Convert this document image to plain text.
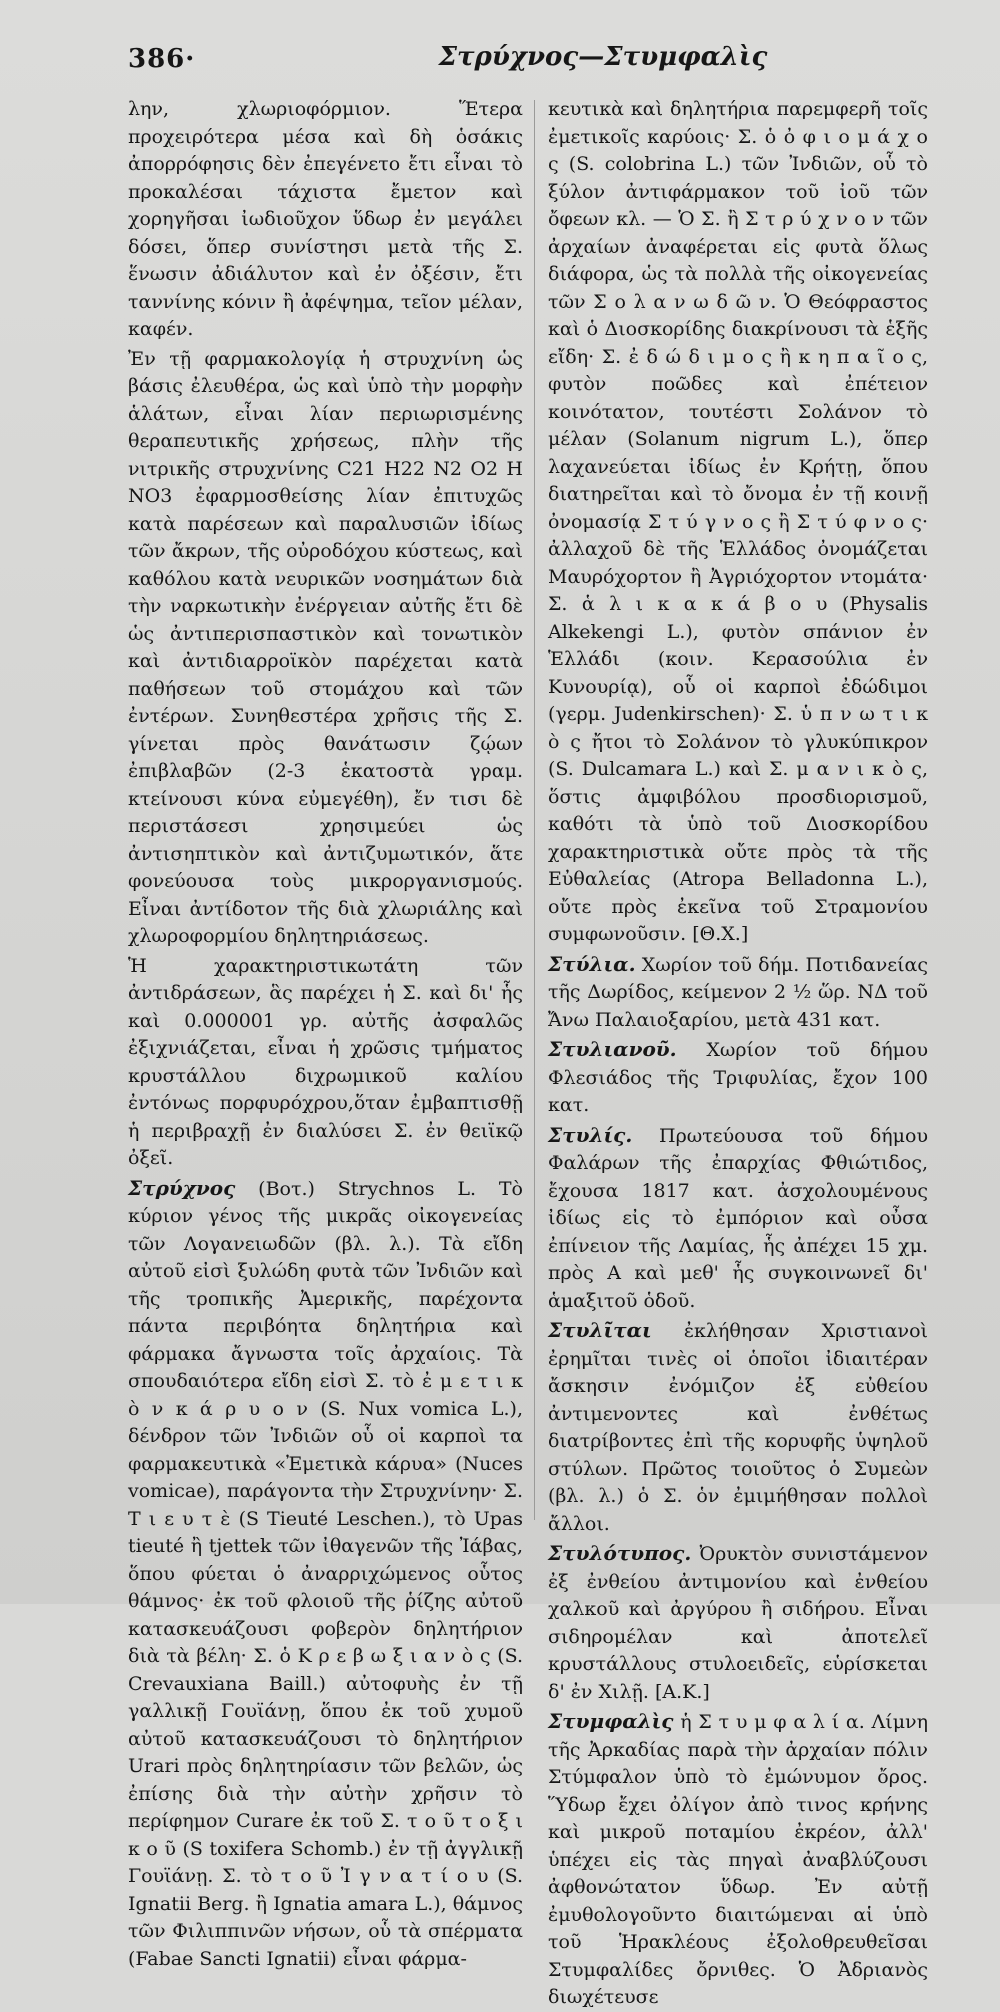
386·	Στρύχνος—Στυμφαλὶς

λην, χλωριοφόρμιον. Ἕτερα προχειρότερα μέσα καὶ δὴ ὁσάκις ἀπορρόφησις δὲν ἐπεγένετο ἔτι εἶναι τὸ προκαλέσαι τάχιστα ἔμετον καὶ χορηγῆσαι ἰωδιοῦχον ὕδωρ ἐν μεγάλει δόσει, ὅπερ συνίστησι μετὰ τῆς Σ. ἕνωσιν ἀδιάλυτον καὶ ἐν ὀξέσιν, ἔτι ταννίνης κόνιν ἢ ἀφέψημα, τεῖον μέλαν, καφέν.

Ἐν τῇ φαρμακολογίᾳ ἡ στρυχνίνη ὡς βάσις ἐλευθέρα, ὡς καὶ ὑπὸ τὴν μορφὴν ἁλάτων, εἶναι λίαν περιωρισμένης θεραπευτικῆς χρήσεως, πλὴν τῆς νιτρικῆς στρυχνίνης C21 H22 N2 O2 H NO3 ἐφαρμοσθείσης λίαν ἐπιτυχῶς κατὰ παρέσεων καὶ παραλυσιῶν ἰδίως τῶν ἄκρων, τῆς οὐροδόχου κύστεως, καὶ καθόλου κατὰ νευρικῶν νοσημάτων διὰ τὴν ναρκωτικὴν ἐνέργειαν αὐτῆς ἔτι δὲ ὡς ἀντιπερισπαστικὸν καὶ τονωτικὸν καὶ ἀντιδιαρροϊκὸν παρέχεται κατὰ παθήσεων τοῦ στομάχου καὶ τῶν ἐντέρων. Συνηθεστέρα χρῆσις τῆς Σ. γίνεται πρὸς θανάτωσιν ζῴων ἐπιβλαβῶν (2-3 ἑκατοστὰ γραμ. κτείνουσι κύνα εὐμεγέθη), ἔν τισι δὲ περιστάσεσι χρησιμεύει ὡς ἀντισηπτικὸν καὶ ἀντιζυμωτικόν, ἅτε φονεύουσα τοὺς μικροργανισμούς. Εἶναι ἀντίδοτον τῆς διὰ χλωριάλης καὶ χλωροφορμίου δηλητηριάσεως.

Ἡ χαρακτηριστικωτάτη τῶν ἀντιδράσεων, ἃς παρέχει ἡ Σ. καὶ δι' ἧς καὶ 0.000001 γρ. αὐτῆς ἀσφαλῶς ἐξιχνιάζεται, εἶναι ἡ χρῶσις τμήματος κρυστάλλου διχρωμικοῦ καλίου ἐντόνως πορφυρόχρου,ὅταν ἐμβαπτισθῇ ἡ περιβραχῇ ἐν διαλύσει Σ. ἐν θειϊκῷ ὀξεῖ.

Στρύχνος (Βοτ.) Strychnos L. Τὸ κύριον γένος τῆς μικρᾶς οἰκογενείας τῶν Λογανειωδῶν (βλ. λ.). Τὰ εἴδη αὐτοῦ εἰσὶ ξυλώδη φυτὰ τῶν Ἰνδιῶν καὶ τῆς τροπικῆς Ἀμερικῆς, παρέχοντα πάντα περιβόητα δηλητήρια καὶ φάρμακα ἄγνωστα τοῖς ἀρχαίοις. Τὰ σπουδαιότερα εἴδη εἰσὶ Σ. τὸ ἐ μ ε τ ι κ ὸ ν κ ά ρ υ ο ν (S. Nux vomica L.), δένδρον τῶν Ἰνδιῶν οὗ οἱ καρποὶ τα φαρμακευτικὰ «Ἐμετικὰ κάρυα» (Nuces vomicae), παράγοντα τὴν Στρυχνίνην· Σ. Τ ι ε υ τ ὲ (S Tieuté Leschen.), τὸ Upas tieuté ἢ tjettek τῶν ἰθαγενῶν τῆς Ἰάβας, ὅπου φύεται ὁ ἀναρριχώμενος οὗτος θάμνος· ἐκ τοῦ φλοιοῦ τῆς ῥίζης αὐτοῦ κατασκευάζουσι φοβερὸν δηλητήριον διὰ τὰ βέλη· Σ. ὁ Κ ρ ε β ω ξ ι α ν ὸ ς (S. Crevauxiana Baill.) αὐτοφυὴς ἐν τῇ γαλλικῇ Γουϊάνῃ, ὅπου ἐκ τοῦ χυμοῦ αὐτοῦ κατασκευάζουσι τὸ δηλητήριον Urari πρὸς δηλητηρίασιν τῶν βελῶν, ὡς ἐπίσης διὰ τὴν αὐτὴν χρῆσιν τὸ περίφημον Curare ἐκ τοῦ Σ. τ ο ῦ τ ο ξ ι κ ο ῦ (S toxifera Schomb.) ἐν τῇ ἀγγλικῇ Γουϊάνῃ. Σ. τὸ τ ο ῦ Ἰ γ ν α τ ί ο υ (S. Ignatii Berg. ἢ Ignatia amara L.), θάμνος τῶν Φιλιππινῶν νήσων, οὗ τὰ σπέρματα (Fabae Sancti Ignatii) εἶναι φάρμα-

κευτικὰ καὶ δηλητήρια παρεμφερῆ τοῖς ἐμετικοῖς καρύοις· Σ. ὁ ὀ φ ι ο μ ά χ ο ς (S. colobrina L.) τῶν Ἰνδιῶν, οὗ τὸ ξύλον ἀντιφάρμακον τοῦ ἰοῦ τῶν ὄφεων κλ. — Ὁ Σ. ἢ Σ τ ρ ύ χ ν ο ν τῶν ἀρχαίων ἀναφέρεται εἰς φυτὰ ὅλως διάφορα, ὡς τὰ πολλὰ τῆς οἰκογενείας τῶν Σ ο λ α ν ω δ ῶ ν. Ὁ Θεόφραστος καὶ ὁ Διοσκορίδης διακρίνουσι τὰ ἑξῆς εἴδη· Σ. ἐ δ ώ δ ι μ ο ς ἢ κ η π α ῖ ο ς, φυτὸν ποῶδες καὶ ἐπέτειον κοινότατον, τουτέστι Σολάνον τὸ μέλαν (Solanum nigrum L.), ὅπερ λαχανεύεται ἰδίως ἐν Κρήτῃ, ὅπου διατηρεῖται καὶ τὸ ὄνομα ἐν τῇ κοινῇ ὀνομασίᾳ Σ τ ύ γ ν ο ς ἢ Σ τ ύ φ ν ο ς· ἀλλαχοῦ δὲ τῆς Ἑλλάδος ὀνομάζεται Μαυρόχορτον ἢ Ἀγριόχορτον ντομάτα· Σ. ἁ λ ι κ α κ ά β ο υ (Physalis Alkekengi L.), φυτὸν σπάνιον ἐν Ἑλλάδι (κοιν. Κερασούλια ἐν Κυνουρίᾳ), οὗ οἱ καρποὶ ἐδώδιμοι (γερμ. Judenkirschen)· Σ. ὑ π ν ω τ ι κ ὸ ς ἤτοι τὸ Σολάνον τὸ γλυκύπικρον (S. Dulcamara L.) καὶ Σ. μ α ν ι κ ὸ ς, ὅστις ἀμφιβόλου προσδιορισμοῦ, καθότι τὰ ὑπὸ τοῦ Διοσκορίδου χαρακτηριστικὰ οὔτε πρὸς τὰ τῆς Εὐθαλείας (Atropa Belladonna L.), οὔτε πρὸς ἐκεῖνα τοῦ Στραμονίου συμφωνοῦσιν. [Θ.Χ.]

Στύλια. Χωρίον τοῦ δήμ. Ποτιδανείας τῆς Δωρίδος, κείμενον 2 ½ ὥρ. ΝΔ τοῦ Ἄνω Παλαιοξαρίου, μετὰ 431 κατ.

Στυλιανοῦ. Χωρίον τοῦ δήμου Φλεσιάδος τῆς Τριφυλίας, ἔχον 100 κατ.

Στυλίς. Πρωτεύουσα τοῦ δήμου Φαλάρων τῆς ἐπαρχίας Φθιώτιδος, ἔχουσα 1817 κατ. ἀσχολουμένους ἰδίως εἰς τὸ ἐμπόριον καὶ οὖσα ἐπίνειον τῆς Λαμίας, ἧς ἀπέχει 15 χμ. πρὸς Α καὶ μεθ' ἧς συγκοινωνεῖ δι' ἁμαξιτοῦ ὁδοῦ.

Στυλῖται ἐκλήθησαν Χριστιανοὶ ἐρημῖται τινὲς οἱ ὁποῖοι ἰδιαιτέραν ἄσκησιν ἐνόμιζον ἐξ εὐθείου ἀντιμενοντες καὶ ἐνθέτως διατρίβοντες ἐπὶ τῆς κορυφῆς ὑψηλοῦ στύλων. Πρῶτος τοιοῦτος ὁ Συμεὼν (βλ. λ.) ὁ Σ. ὁν ἐμιμήθησαν πολλοὶ ἄλλοι.

Στυλότυπος. Ὀρυκτὸν συνιστάμενον ἐξ ἐνθείου ἀντιμονίου καὶ ἐνθείου χαλκοῦ καὶ ἀργύρου ἢ σιδήρου. Εἶναι σιδηρομέλαν καὶ ἀποτελεῖ κρυστάλλους στυλοειδεῖς, εὑρίσκεται δ' ἐν Χιλῇ. [Α.Κ.]

Στυμφαλὶς ἡ Σ τ υ μ φ α λ ί α. Λίμνη τῆς Ἀρκαδίας παρὰ τὴν ἀρχαίαν πόλιν Στύμφαλον ὑπὸ τὸ ἐμώνυμον ὄρος. Ὕδωρ ἔχει ὀλίγον ἀπὸ τινος κρήνης καὶ μικροῦ ποταμίου ἐκρέον, ἀλλ' ὑπέχει εἰς τὰς πηγαὶ ἀναβλύζουσι ἀφθονώτατον ὕδωρ. Ἐν αὐτῇ ἐμυθολογοῦντο διαιτώμεναι αἱ ὑπὸ τοῦ Ἡρακλέους ἐξολοθρευθεῖσαι Στυμφαλίδες ὄρνιθες. Ὁ Ἀδριανὸς διωχέτευσε
